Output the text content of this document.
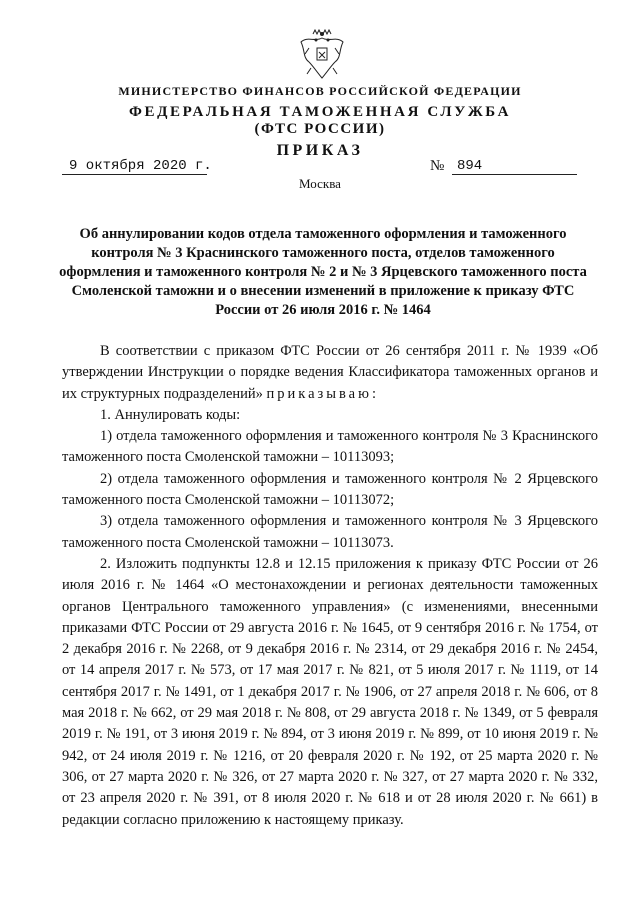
МИНИСТЕРСТВО ФИНАНСОВ РОССИЙСКОЙ ФЕДЕРАЦИИ
ФЕДЕРАЛЬНАЯ ТАМОЖЕННАЯ СЛУЖБА
(ФТС РОССИИ)
ПРИКАЗ
9 октября 2020 г.	№ 894
Москва
Об аннулировании кодов отдела таможенного оформления и таможенного контроля № 3 Краснинского таможенного поста, отделов таможенного оформления и таможенного контроля № 2 и № 3 Ярцевского таможенного поста Смоленской таможни и о внесении изменений в приложение к приказу ФТС России от 26 июля 2016 г. № 1464

В соответствии с приказом ФТС России от 26 сентября 2011 г. № 1939 «Об утверждении Инструкции о порядке ведения Классификатора таможенных органов и их структурных подразделений» приказываю:

1. Аннулировать коды:

1) отдела таможенного оформления и таможенного контроля № 3 Краснинского таможенного поста Смоленской таможни – 10113093;

2) отдела таможенного оформления и таможенного контроля № 2 Ярцевского таможенного поста Смоленской таможни – 10113072;

3) отдела таможенного оформления и таможенного контроля № 3 Ярцевского таможенного поста Смоленской таможни – 10113073.

2. Изложить подпункты 12.8 и 12.15 приложения к приказу ФТС России от 26 июля 2016 г. № 1464 «О местонахождении и регионах деятельности таможенных органов Центрального таможенного управления» (с изменениями, внесенными приказами ФТС России от 29 августа 2016 г. № 1645, от 9 сентября 2016 г. № 1754, от 2 декабря 2016 г. № 2268, от 9 декабря 2016 г. № 2314, от 29 декабря 2016 г. № 2454, от 14 апреля 2017 г. № 573, от 17 мая 2017 г. № 821, от 5 июля 2017 г. № 1119, от 14 сентября 2017 г. № 1491, от 1 декабря 2017 г. № 1906, от 27 апреля 2018 г. № 606, от 8 мая 2018 г. № 662, от 29 мая 2018 г. № 808, от 29 августа 2018 г. № 1349, от 5 февраля 2019 г. № 191, от 3 июня 2019 г. № 894, от 3 июня 2019 г. № 899, от 10 июня 2019 г. № 942, от 24 июля 2019 г. № 1216, от 20 февраля 2020 г. № 192, от 25 марта 2020 г. № 306, от 27 марта 2020 г. № 326, от 27 марта 2020 г. № 327, от 27 марта 2020 г. № 332, от 23 апреля 2020 г. № 391, от 8 июля 2020 г. № 618 и от 28 июля 2020 г. № 661) в редакции согласно приложению к настоящему приказу.
